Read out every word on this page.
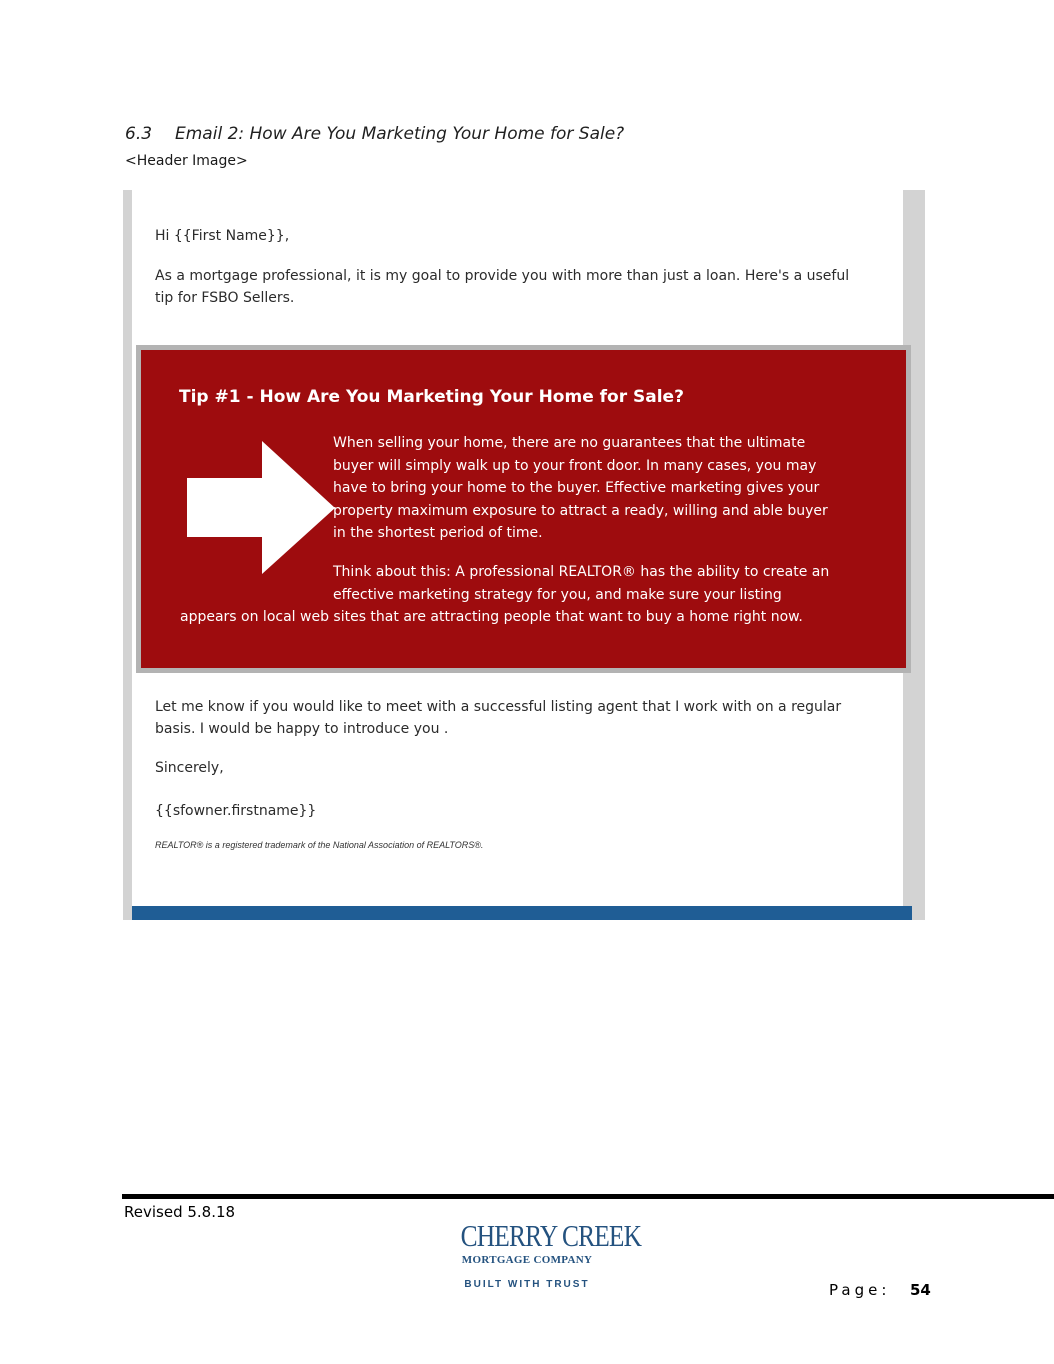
6.3 Email 2: How Are You Marketing Your Home for Sale?
<Header Image>

Hi {{First Name}},

As a mortgage professional, it is my goal to provide you with more than just a loan. Here's a useful
tip for FSBO Sellers.

Let me know if you would like to meet with a successful listing agent that I work with on a regular
basis. I would be happy to introduce you .

Sincerely,

{{sfowner.firstname}}

REALTOR® is a registered trademark of the National Association of REALTORS®.
Tip #1 - How Are You Marketing Your Home for Sale?

When selling your home, there are no guarantees that the ultimate
buyer will simply walk up to your front door. In many cases, you may
have to bring your home to the buyer. Effective marketing gives your
property maximum exposure to attract a ready, willing and able buyer
in the shortest period of time.

Think about this: A professional REALTOR® has the ability to create an
effective marketing strategy for you, and make sure your listing

appears on local web sites that are attracting people that want to buy a home right now.

Revised 5.8.18
CHERRY CREEK
MORTGAGE COMPANY
BUILT WITH TRUST	Page: 54
